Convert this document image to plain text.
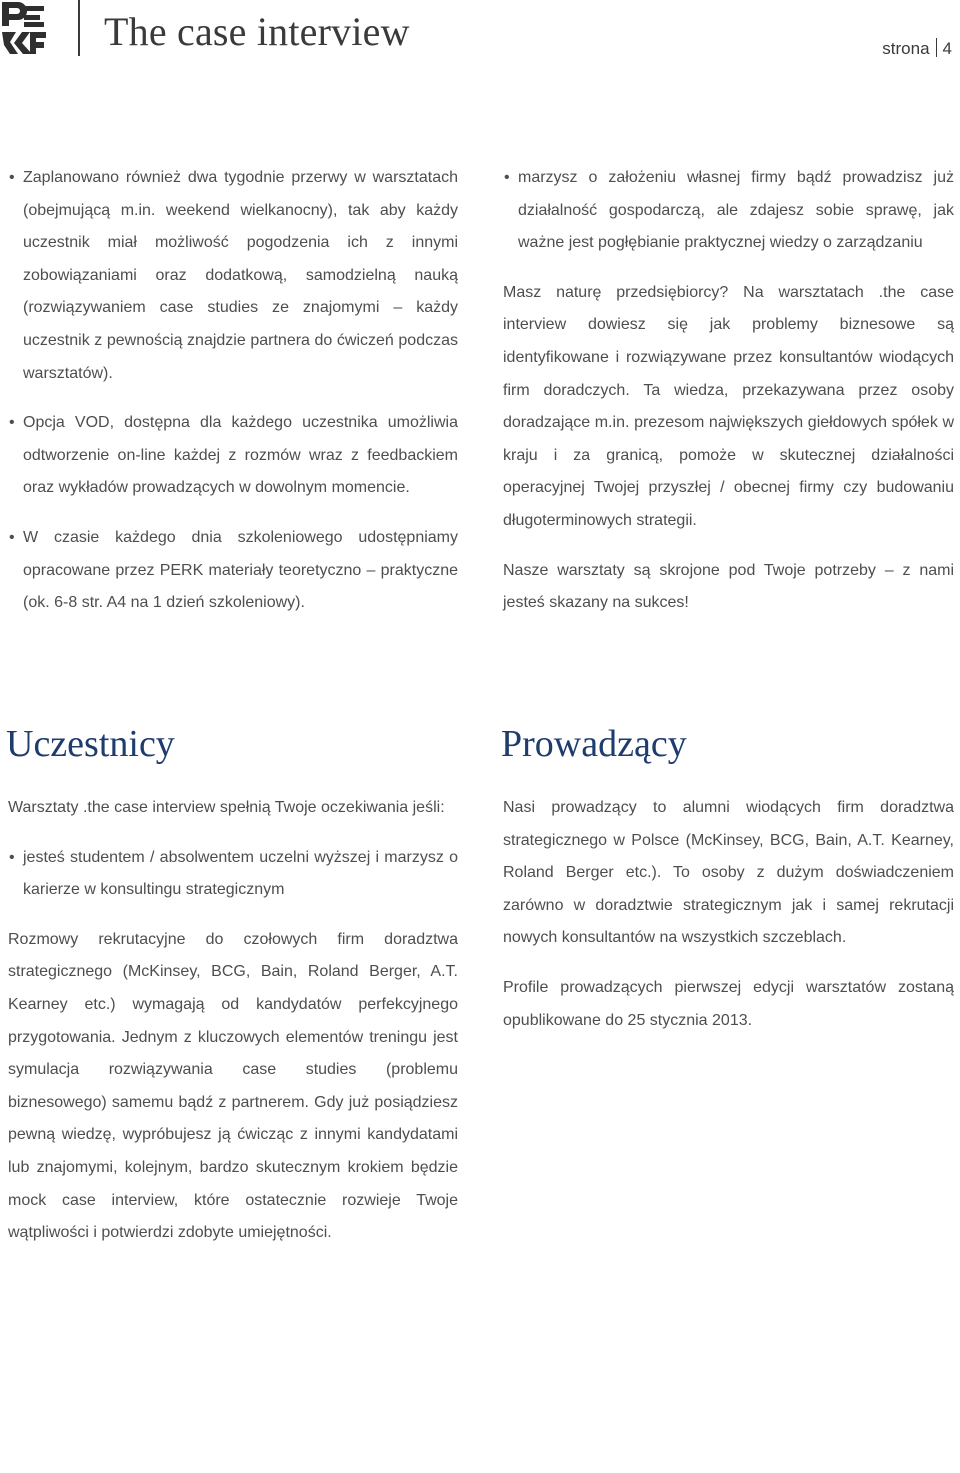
The case interview	strona 4

• Zaplanowano również dwa tygodnie przerwy w warsztatach (obejmującą m.in. weekend wielkanocny), tak aby każdy uczestnik miał możliwość pogodzenia ich z innymi zobowiązaniami oraz dodatkową, samodzielną nauką (rozwiązywaniem case studies ze znajomymi – każdy uczestnik z pewnością znajdzie partnera do ćwiczeń podczas warsztatów).

• Opcja VOD, dostępna dla każdego uczestnika umożliwia odtworzenie on-line każdej z rozmów wraz z feedbackiem oraz wykładów prowadzących w dowolnym momencie.

• W czasie każdego dnia szkoleniowego udostępniamy opracowane przez PERK materiały teoretyczno – praktyczne (ok. 6-8 str. A4 na 1 dzień szkoleniowy).

• marzysz o założeniu własnej firmy bądź prowadzisz już działalność gospodarczą, ale zdajesz sobie sprawę, jak ważne jest pogłębianie praktycznej wiedzy o zarządzaniu

Masz naturę przedsiębiorcy? Na warsztatach .the case interview dowiesz się jak problemy biznesowe są identyfikowane i rozwiązywane przez konsultantów wiodących firm doradczych. Ta wiedza, przekazywana przez osoby doradzające m.in. prezesom największych giełdowych spółek w kraju i za granicą, pomoże w skutecznej działalności operacyjnej Twojej przyszłej / obecnej firmy czy budowaniu długoterminowych strategii.

Nasze warsztaty są skrojone pod Twoje potrzeby – z nami jesteś skazany na sukces!

Uczestnicy	Prowadzący

Warsztaty .the case interview spełnią Twoje oczekiwania jeśli:

• jesteś studentem / absolwentem uczelni wyższej i marzysz o karierze w konsultingu strategicznym

Rozmowy rekrutacyjne do czołowych firm doradztwa strategicznego (McKinsey, BCG, Bain, Roland Berger, A.T. Kearney etc.) wymagają od kandydatów perfekcyjnego przygotowania. Jednym z kluczowych elementów treningu jest symulacja rozwiązywania case studies (problemu biznesowego) samemu bądź z partnerem. Gdy już posiądziesz pewną wiedzę, wypróbujesz ją ćwicząc z innymi kandydatami lub znajomymi, kolejnym, bardzo skutecznym krokiem będzie mock case interview, które ostatecznie rozwieje Twoje wątpliwości i potwierdzi zdobyte umiejętności.

Nasi prowadzący to alumni wiodących firm doradztwa strategicznego w Polsce (McKinsey, BCG, Bain, A.T. Kearney, Roland Berger etc.). To osoby z dużym doświadczeniem zarówno w doradztwie strategicznym jak i samej rekrutacji nowych konsultantów na wszystkich szczeblach.

Profile prowadzących pierwszej edycji warsztatów zostaną opublikowane do 25 stycznia 2013.
